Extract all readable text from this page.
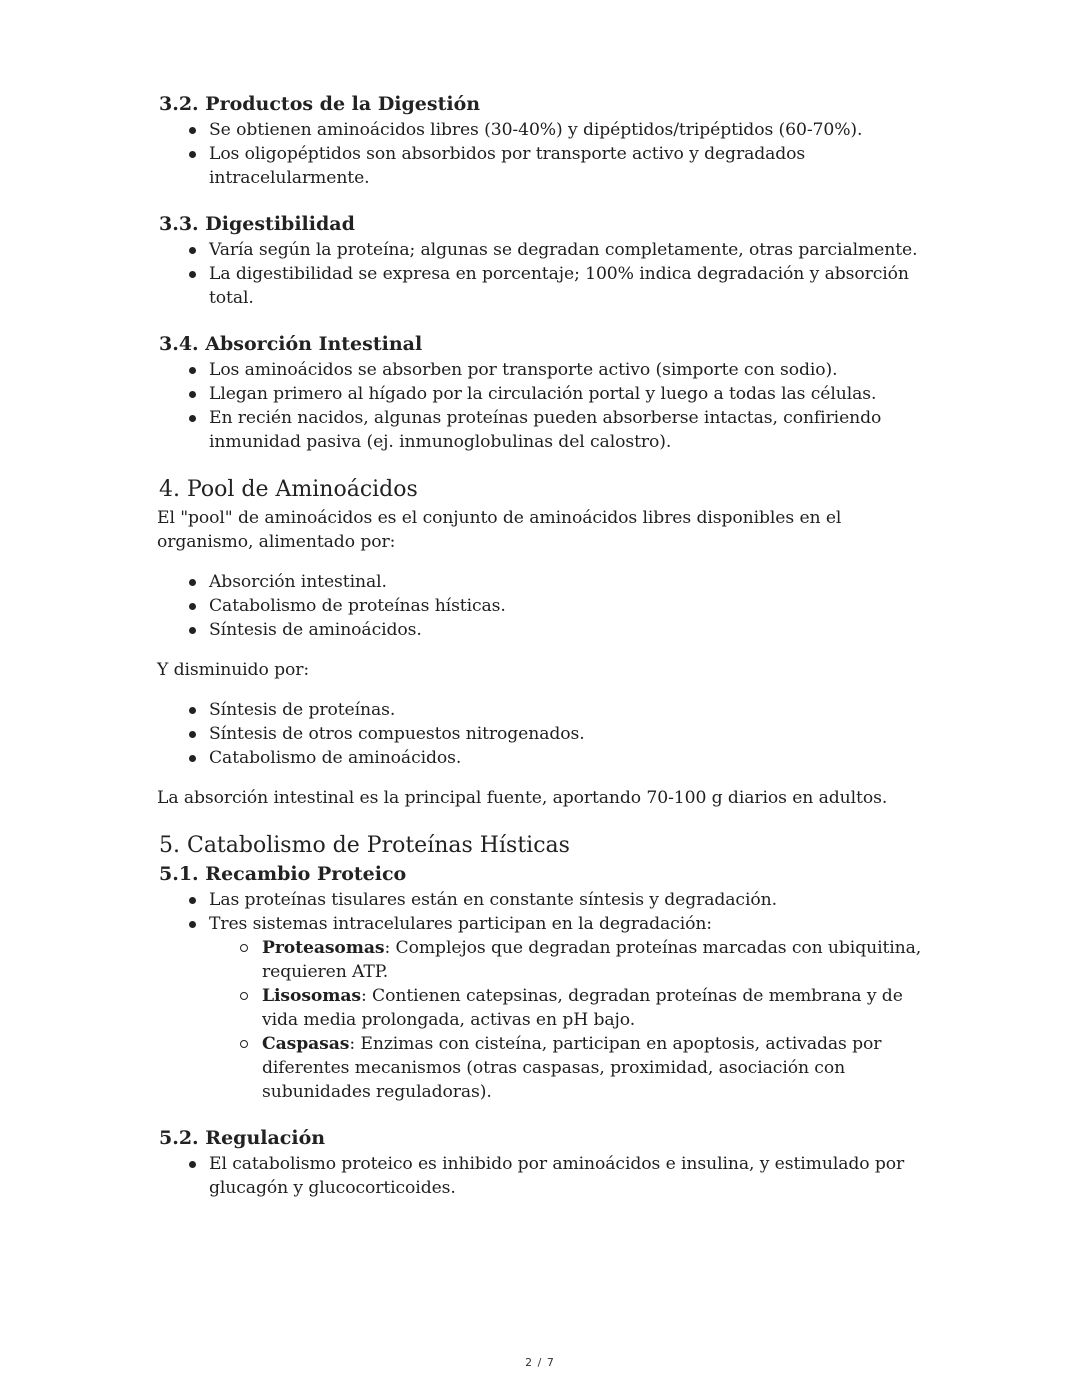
3.2. Productos de la Digestión
Se obtienen aminoácidos libres (30-40%) y dipéptidos/tripéptidos (60-70%).
Los oligopéptidos son absorbidos por transporte activo y degradados intracelularmente.
3.3. Digestibilidad
Varía según la proteína; algunas se degradan completamente, otras parcialmente.
La digestibilidad se expresa en porcentaje; 100% indica degradación y absorción total.
3.4. Absorción Intestinal
Los aminoácidos se absorben por transporte activo (simporte con sodio).
Llegan primero al hígado por la circulación portal y luego a todas las células.
En recién nacidos, algunas proteínas pueden absorberse intactas, confiriendo inmunidad pasiva (ej. inmunoglobulinas del calostro).
4. Pool de Aminoácidos

El "pool" de aminoácidos es el conjunto de aminoácidos libres disponibles en el organismo, alimentado por:

Absorción intestinal.
Catabolismo de proteínas hísticas.
Síntesis de aminoácidos.

Y disminuido por:

Síntesis de proteínas.
Síntesis de otros compuestos nitrogenados.
Catabolismo de aminoácidos.

La absorción intestinal es la principal fuente, aportando 70-100 g diarios en adultos.

5. Catabolismo de Proteínas Hísticas
5.1. Recambio Proteico
Las proteínas tisulares están en constante síntesis y degradación.
Tres sistemas intracelulares participan en la degradación:
Proteasomas: Complejos que degradan proteínas marcadas con ubiquitina, requieren ATP.
Lisosomas: Contienen catepsinas, degradan proteínas de membrana y de vida media prolongada, activas en pH bajo.
Caspasas: Enzimas con cisteína, participan en apoptosis, activadas por diferentes mecanismos (otras caspasas, proximidad, asociación con subunidades reguladoras).
5.2. Regulación
El catabolismo proteico es inhibido por aminoácidos e insulina, y estimulado por glucagón y glucocorticoides.
2 / 7
